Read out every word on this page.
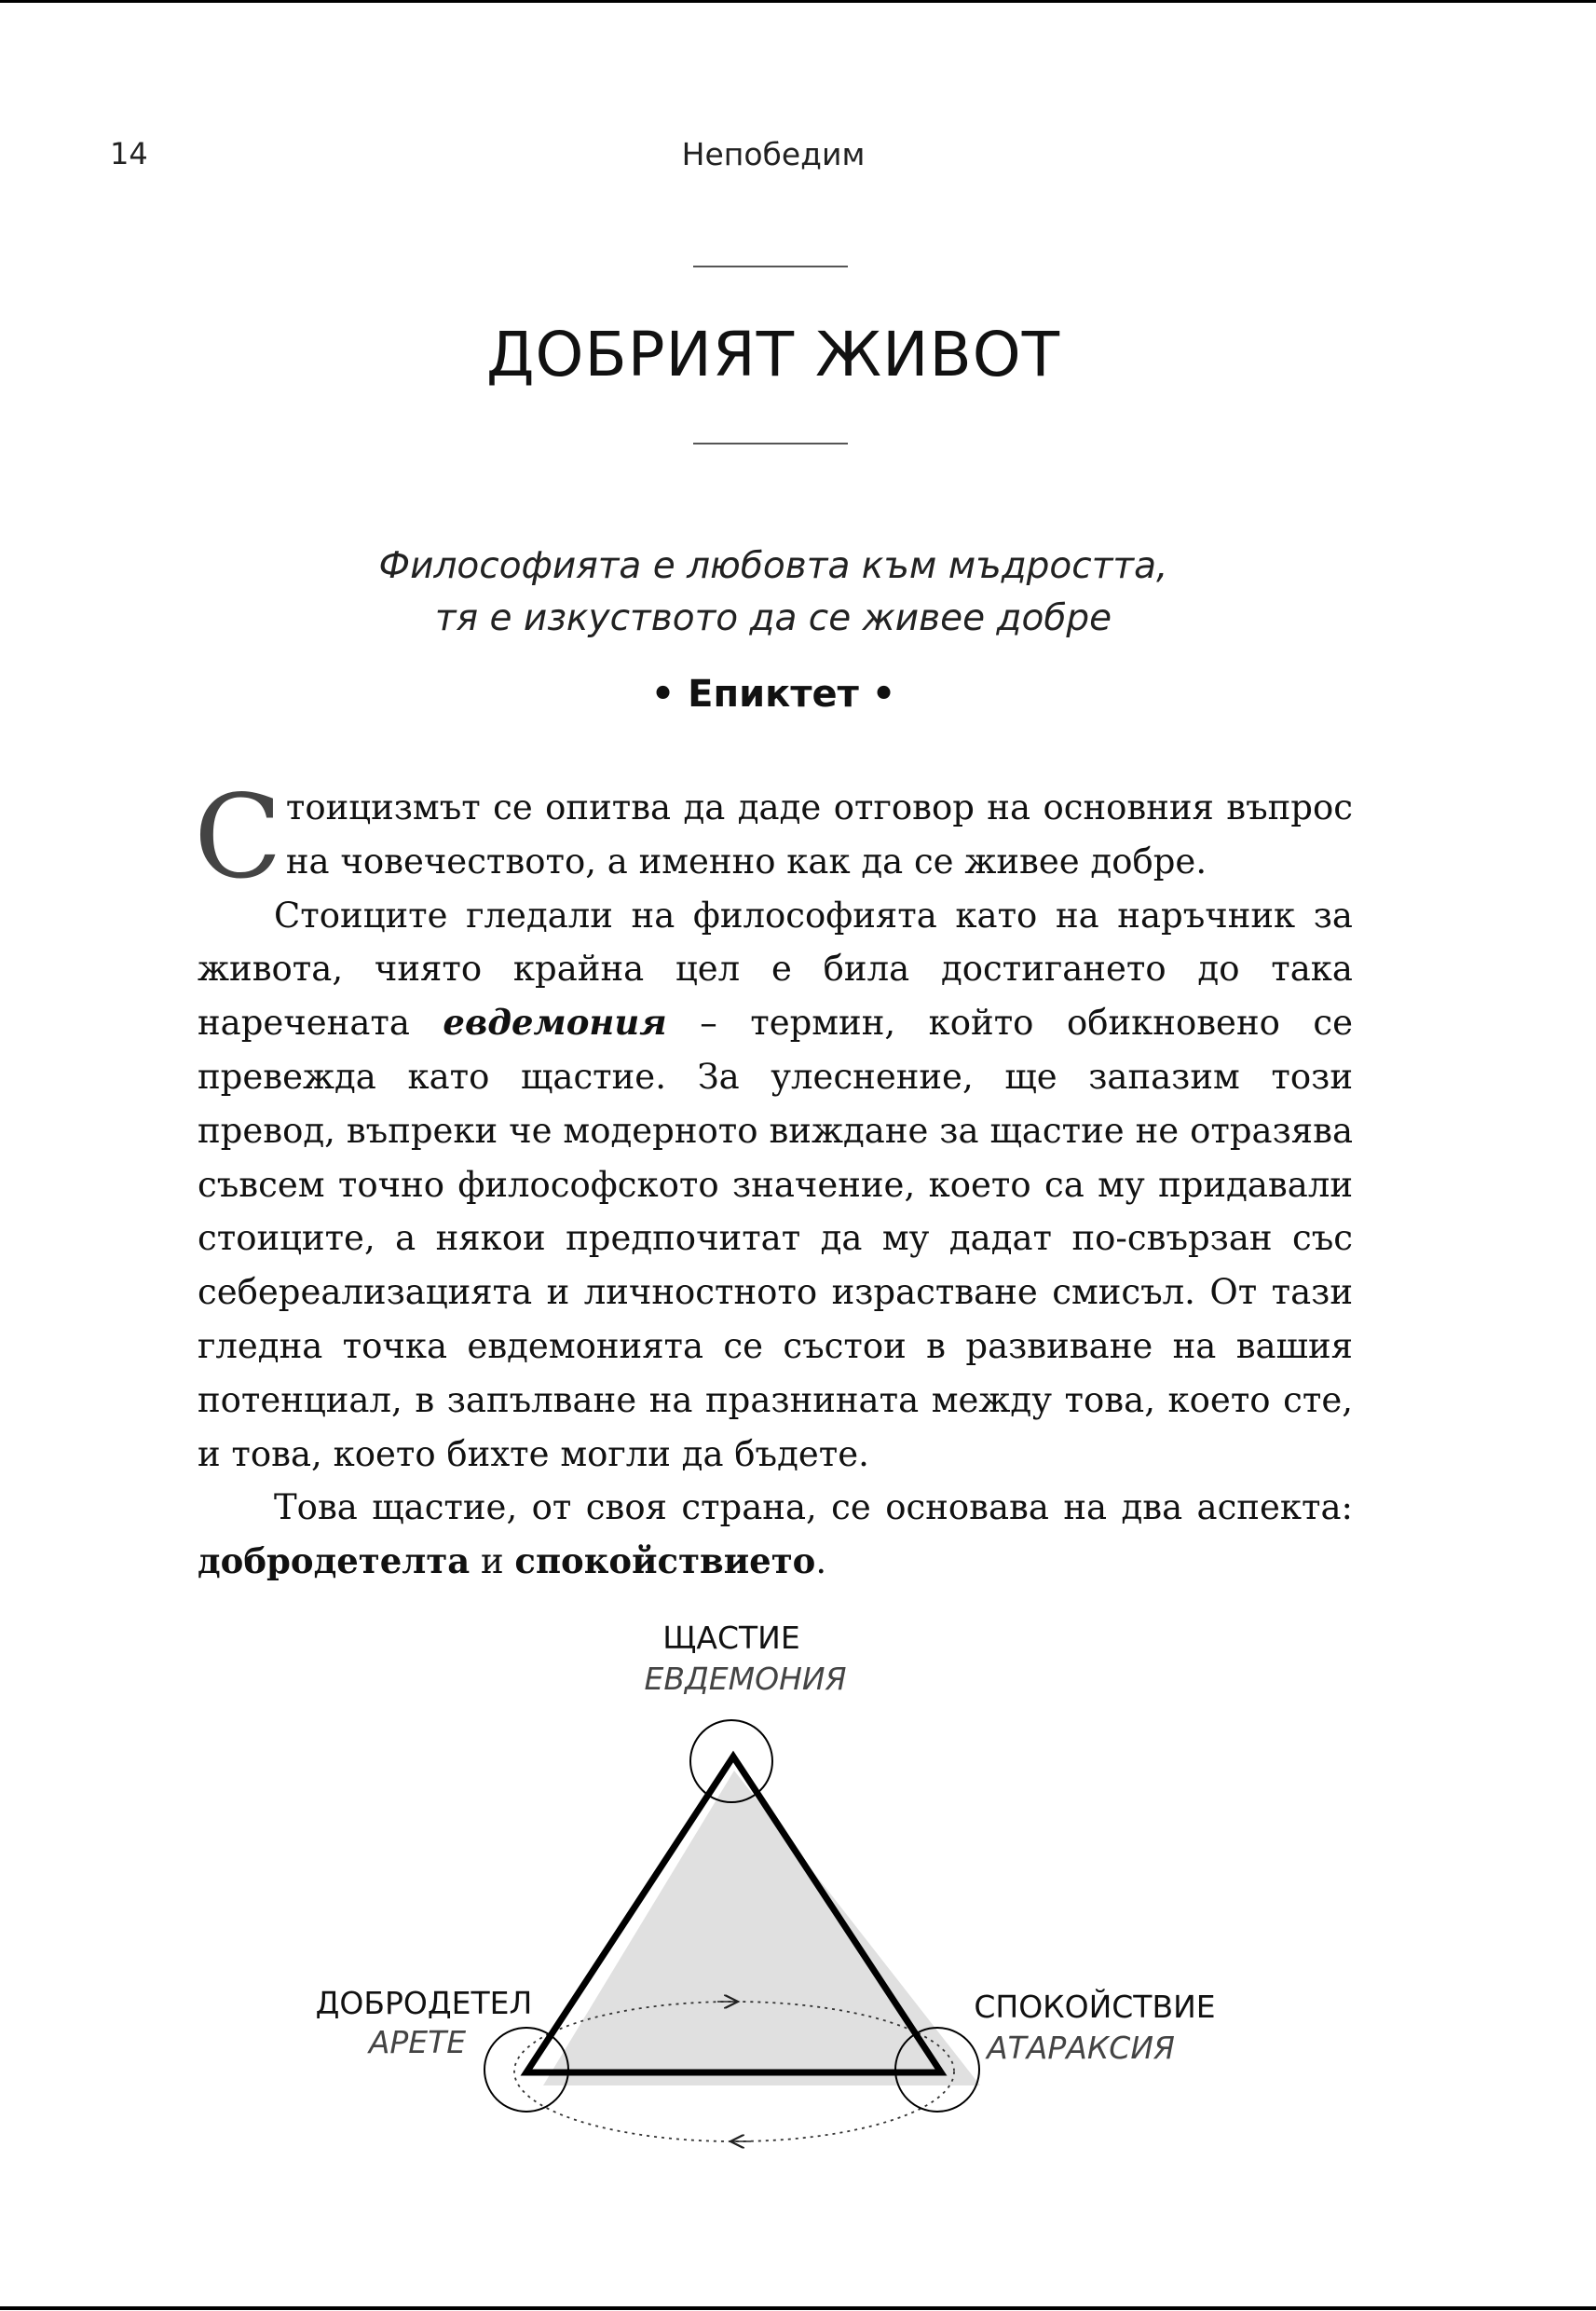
14	Непобедим
ДОБРИЯТ ЖИВОТ
Философията е любовта към мъдростта,
тя е изкуството да се живее добре
• Епиктет •

Стоицизмът се опитва да даде отговор на основния въпрос на човечеството, а именно как да се живее добре.

Стоиците гледали на философията като на наръчник за живота, чиято крайна цел е била достигането до така наречената евдемония – термин, който обикновено се превежда като щастие. За улеснение, ще запазим този превод, въпреки че модерното виждане за щастие не отразява съвсем точно философското значение, което са му придавали стоиците, а някои предпочитат да му дадат по-свързан със себереализацията и личностното израстване смисъл. От тази гледна точка евдемонията се състои в развиване на вашия потенциал, в запълване на празнината между това, което сте, и това, което бихте могли да бъдете.

Това щастие, от своя страна, се основава на два аспекта: добродетелта и спокойствието.

ЩАСТИЕ
ЕВДЕМОНИЯ
ДОБРОДЕТЕЛ
АРЕТЕ
СПОКОЙСТВИЕ
АТАРАКСИЯ
